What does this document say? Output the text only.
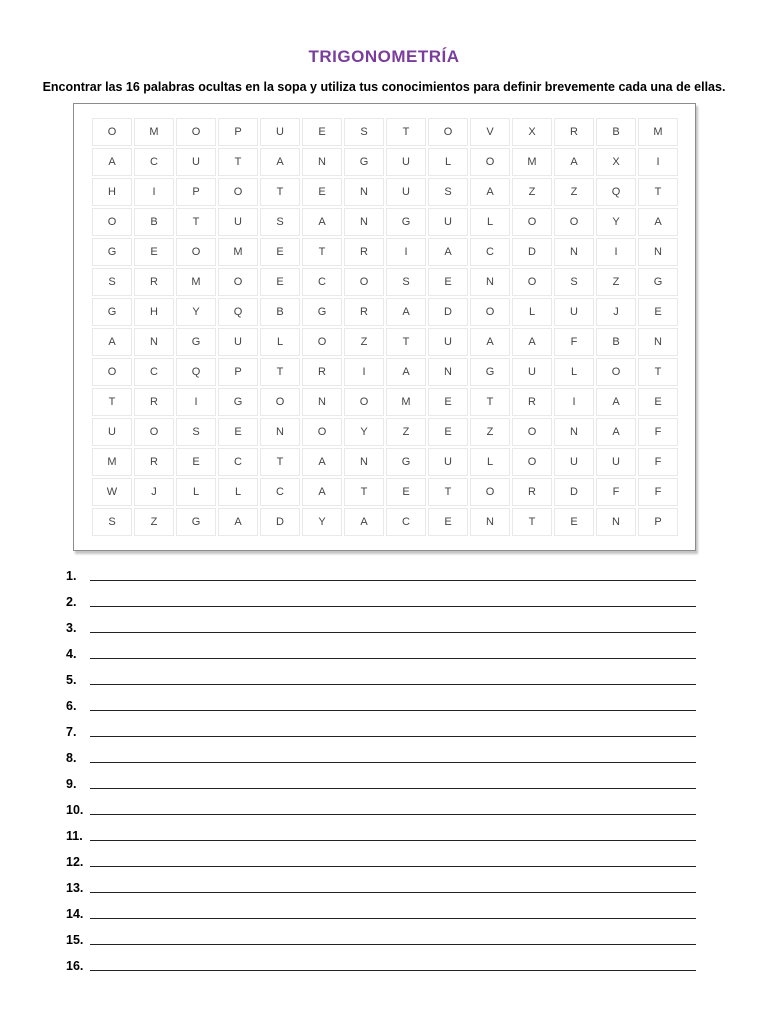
TRIGONOMETRÍA
Encontrar las 16 palabras ocultas en la sopa y utiliza tus conocimientos para definir brevemente cada una de ellas.
O	M	O	P	U	E	S	T	O	V	X	R	B	M
A	C	U	T	A	N	G	U	L	O	M	A	X	I
H	I	P	O	T	E	N	U	S	A	Z	Z	Q	T
O	B	T	U	S	A	N	G	U	L	O	O	Y	A
G	E	O	M	E	T	R	I	A	C	D	N	I	N
S	R	M	O	E	C	O	S	E	N	O	S	Z	G
G	H	Y	Q	B	G	R	A	D	O	L	U	J	E
A	N	G	U	L	O	Z	T	U	A	A	F	B	N
O	C	Q	P	T	R	I	A	N	G	U	L	O	T
T	R	I	G	O	N	O	M	E	T	R	I	A	E
U	O	S	E	N	O	Y	Z	E	Z	O	N	A	F
M	R	E	C	T	A	N	G	U	L	O	U	U	F
W	J	L	L	C	A	T	E	T	O	R	D	F	F
S	Z	G	A	D	Y	A	C	E	N	T	E	N	P
1.
2.
3.
4.
5.
6.
7.
8.
9.
10.
11.
12.
13.
14.
15.
16.
